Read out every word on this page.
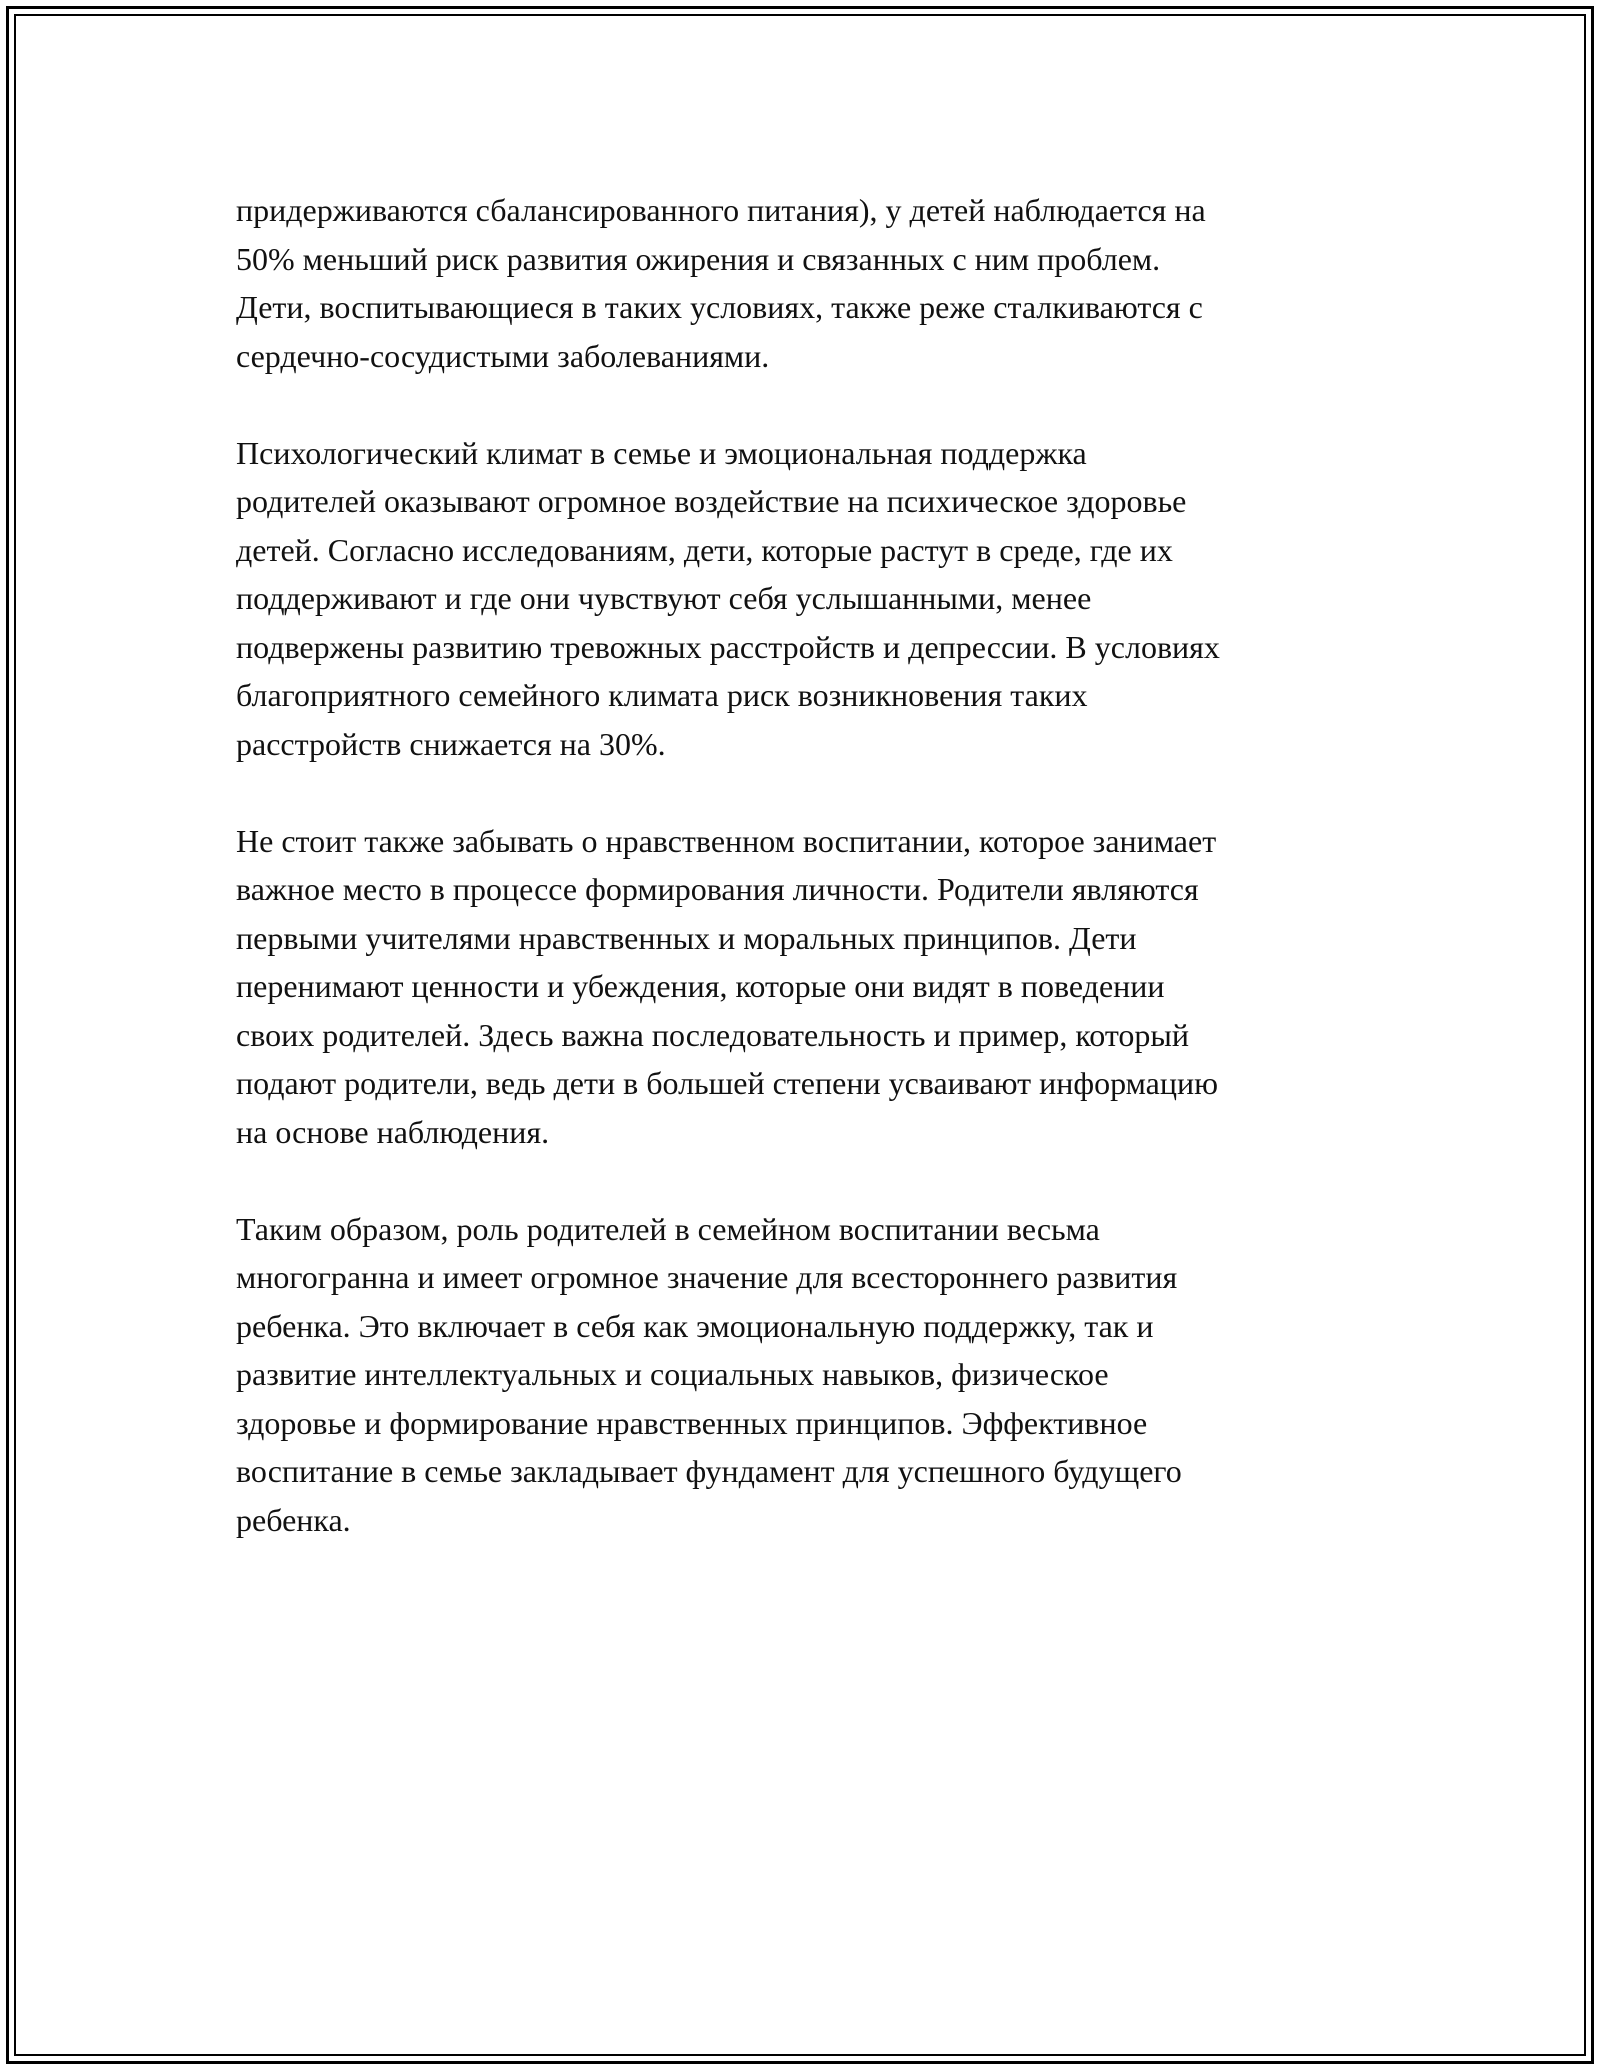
придерживаются сбалансированного питания), у детей наблюдается на
50% меньший риск развития ожирения и связанных с ним проблем.
Дети, воспитывающиеся в таких условиях, также реже сталкиваются с
сердечно-сосудистыми заболеваниями.

Психологический климат в семье и эмоциональная поддержка
родителей оказывают огромное воздействие на психическое здоровье
детей. Согласно исследованиям, дети, которые растут в среде, где их
поддерживают и где они чувствуют себя услышанными, менее
подвержены развитию тревожных расстройств и депрессии. В условиях
благоприятного семейного климата риск возникновения таких
расстройств снижается на 30%.

Не стоит также забывать о нравственном воспитании, которое занимает
важное место в процессе формирования личности. Родители являются
первыми учителями нравственных и моральных принципов. Дети
перенимают ценности и убеждения, которые они видят в поведении
своих родителей. Здесь важна последовательность и пример, который
подают родители, ведь дети в большей степени усваивают информацию
на основе наблюдения.

Таким образом, роль родителей в семейном воспитании весьма
многогранна и имеет огромное значение для всестороннего развития
ребенка. Это включает в себя как эмоциональную поддержку, так и
развитие интеллектуальных и социальных навыков, физическое
здоровье и формирование нравственных принципов. Эффективное
воспитание в семье закладывает фундамент для успешного будущего
ребенка.
